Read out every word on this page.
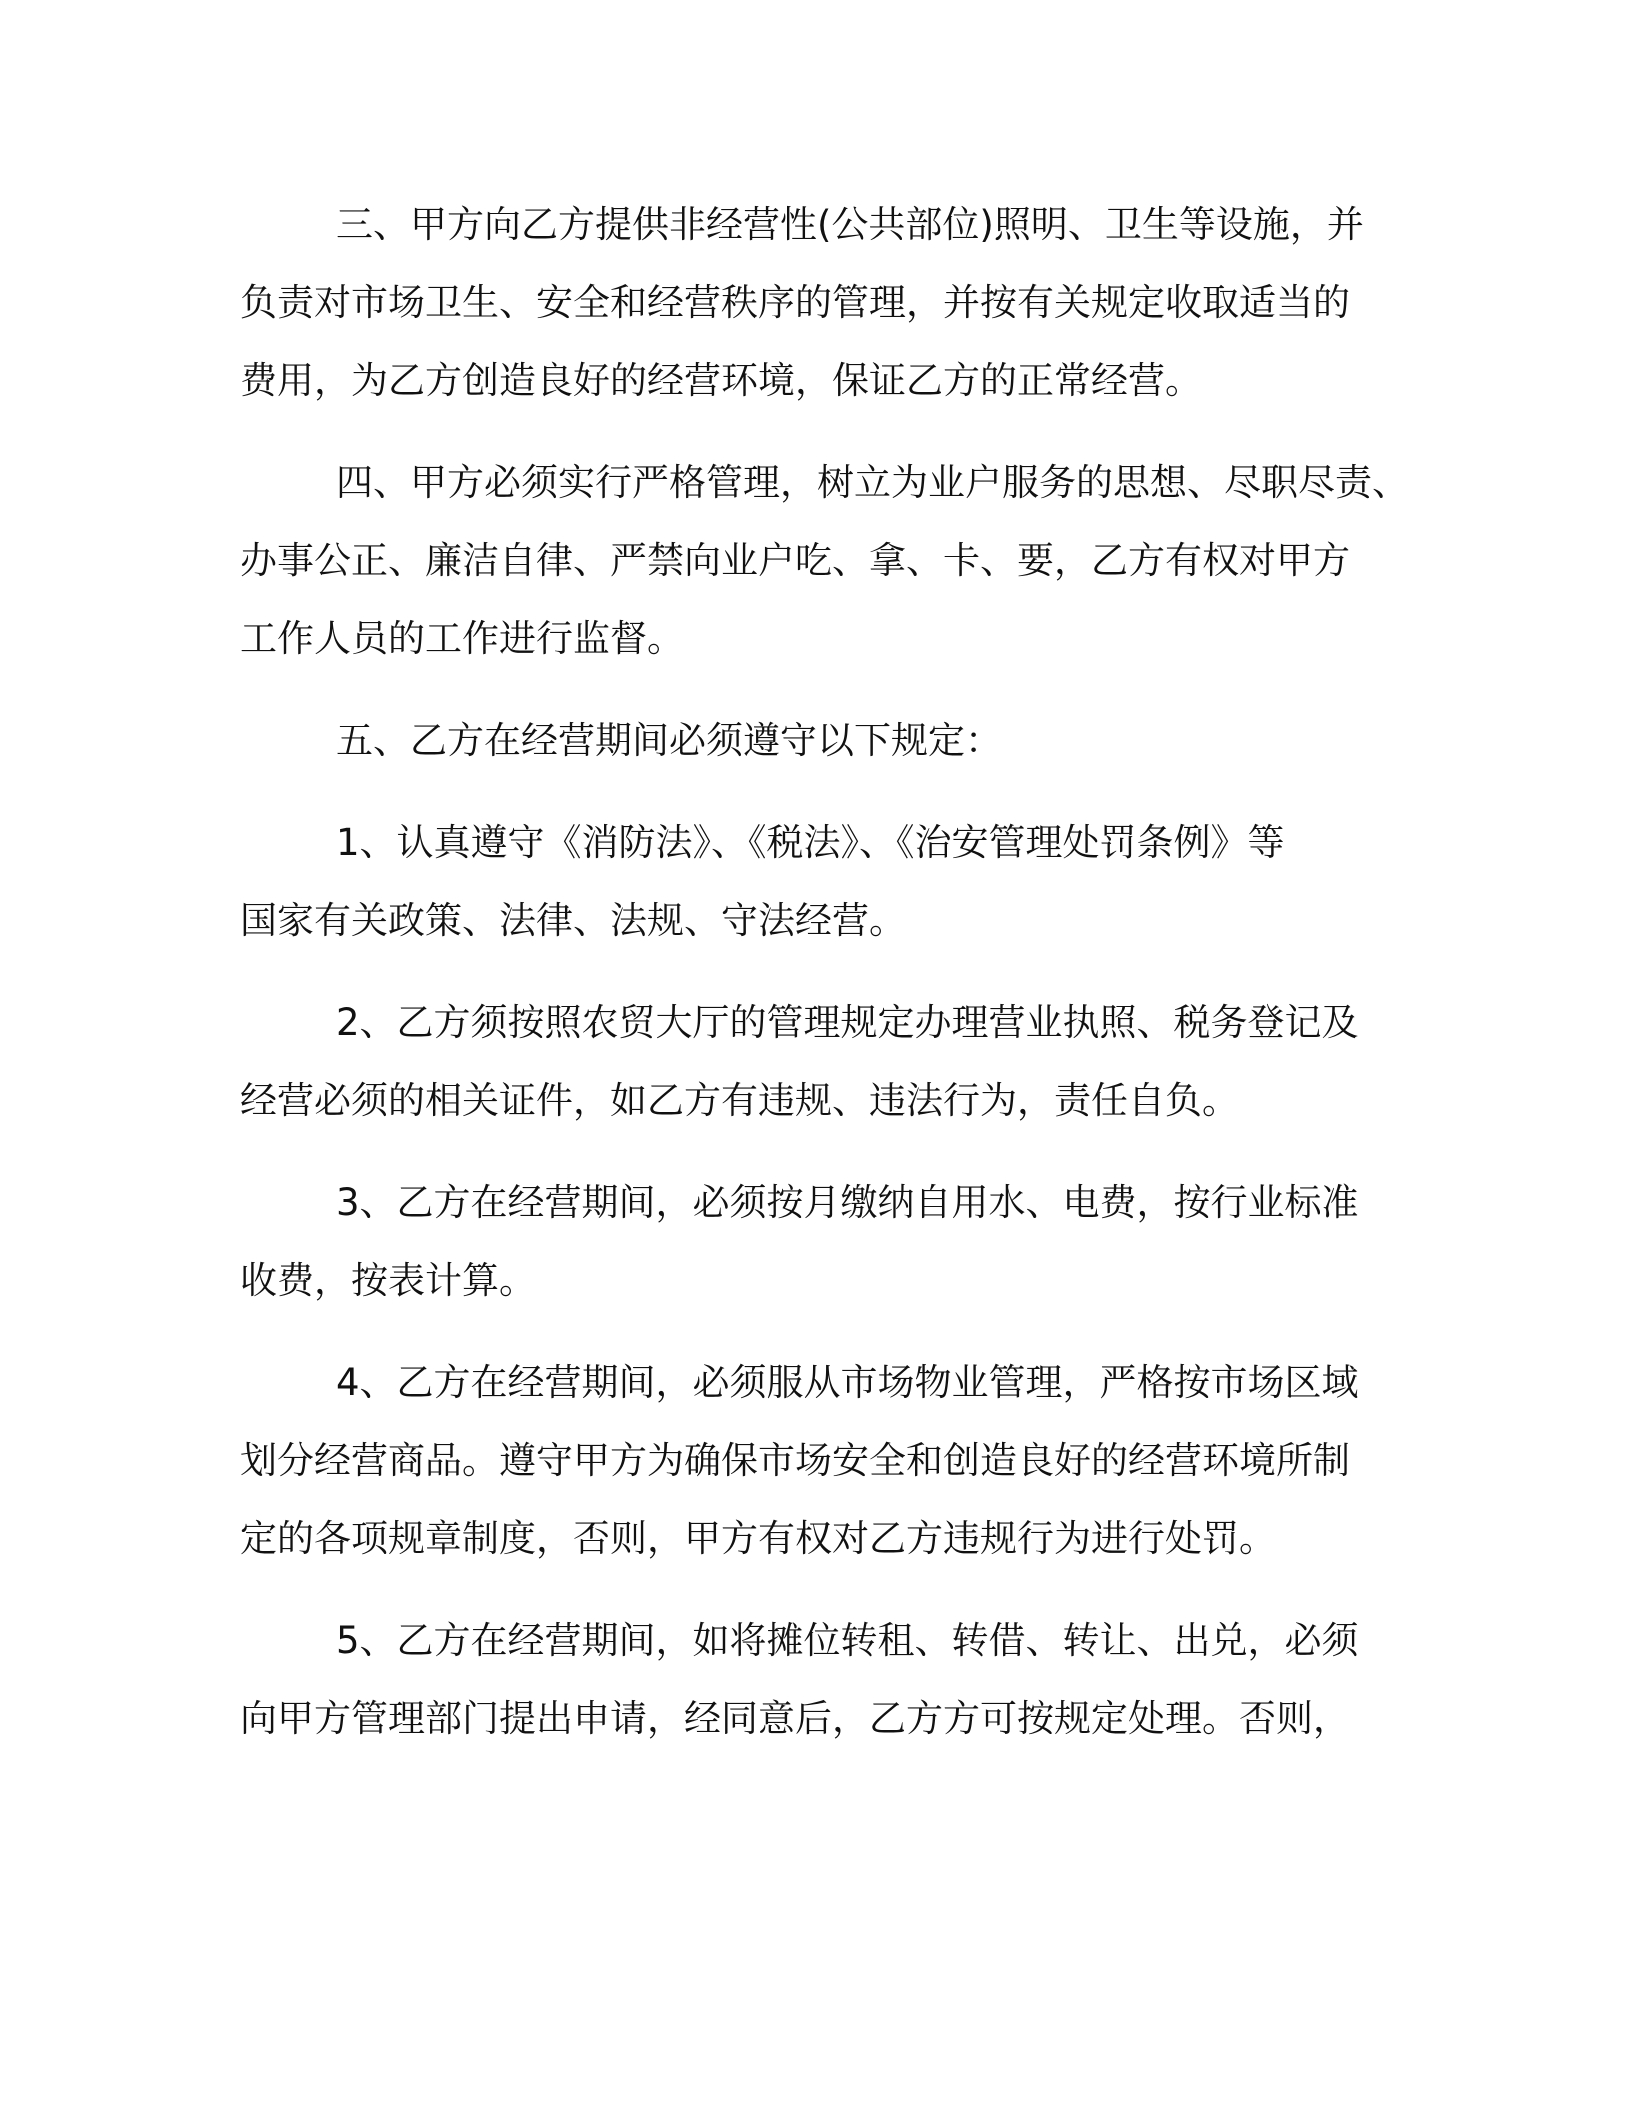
三、甲方向乙方提供非经营性(公共部位)照明、卫生等设施，并
负责对市场卫生、安全和经营秩序的管理，并按有关规定收取适当的
费用，为乙方创造良好的经营环境，保证乙方的正常经营。
四、甲方必须实行严格管理，树立为业户服务的思想、尽职尽责、
办事公正、廉洁自律、严禁向业户吃、拿、卡、要，乙方有权对甲方
工作人员的工作进行监督。
五、乙方在经营期间必须遵守以下规定：
1、认真遵守《消防法》、《税法》、《治安管理处罚条例》等
国家有关政策、法律、法规、守法经营。
2、乙方须按照农贸大厅的管理规定办理营业执照、税务登记及
经营必须的相关证件，如乙方有违规、违法行为，责任自负。
3、乙方在经营期间，必须按月缴纳自用水、电费，按行业标准
收费，按表计算。
4、乙方在经营期间，必须服从市场物业管理，严格按市场区域
划分经营商品。遵守甲方为确保市场安全和创造良好的经营环境所制
定的各项规章制度，否则，甲方有权对乙方违规行为进行处罚。
5、乙方在经营期间，如将摊位转租、转借、转让、出兑，必须
向甲方管理部门提出申请，经同意后，乙方方可按规定处理。否则，
